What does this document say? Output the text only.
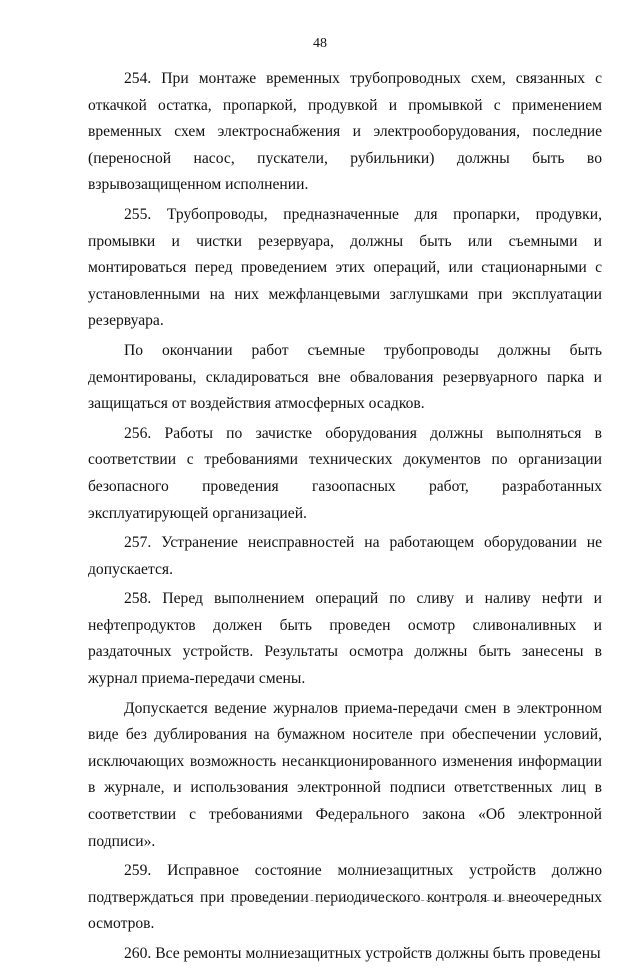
48

254. При монтаже временных трубопроводных схем, связанных с откачкой остатка, пропаркой, продувкой и промывкой с применением временных схем электроснабжения и электрооборудования, последние (переносной насос, пускатели, рубильники) должны быть во взрывозащищенном исполнении.

255. Трубопроводы, предназначенные для пропарки, продувки, промывки и чистки резервуара, должны быть или съемными и монтироваться перед проведением этих операций, или стационарными с установленными на них межфланцевыми заглушками при эксплуатации резервуара.

По окончании работ съемные трубопроводы должны быть демонтированы, складироваться вне обвалования резервуарного парка и защищаться от воздействия атмосферных осадков.

256. Работы по зачистке оборудования должны выполняться в соответствии с требованиями технических документов по организации безопасного проведения газоопасных работ, разработанных эксплуатирующей организацией.

257. Устранение неисправностей на работающем оборудовании не допускается.

258. Перед выполнением операций по сливу и наливу нефти и нефтепродуктов должен быть проведен осмотр сливоналивных и раздаточных устройств. Результаты осмотра должны быть занесены в журнал приема-передачи смены.

Допускается ведение журналов приема-передачи смен в электронном виде без дублирования на бумажном носителе при обеспечении условий, исключающих возможность несанкционированного изменения информации в журнале, и использования электронной подписи ответственных лиц в соответствии с требованиями Федерального закона «Об электронной подписи».

259. Исправное состояние молниезащитных устройств должно подтверждаться при проведении периодического контроля и внеочередных осмотров.

260. Все ремонты молниезащитных устройств должны быть проведены
